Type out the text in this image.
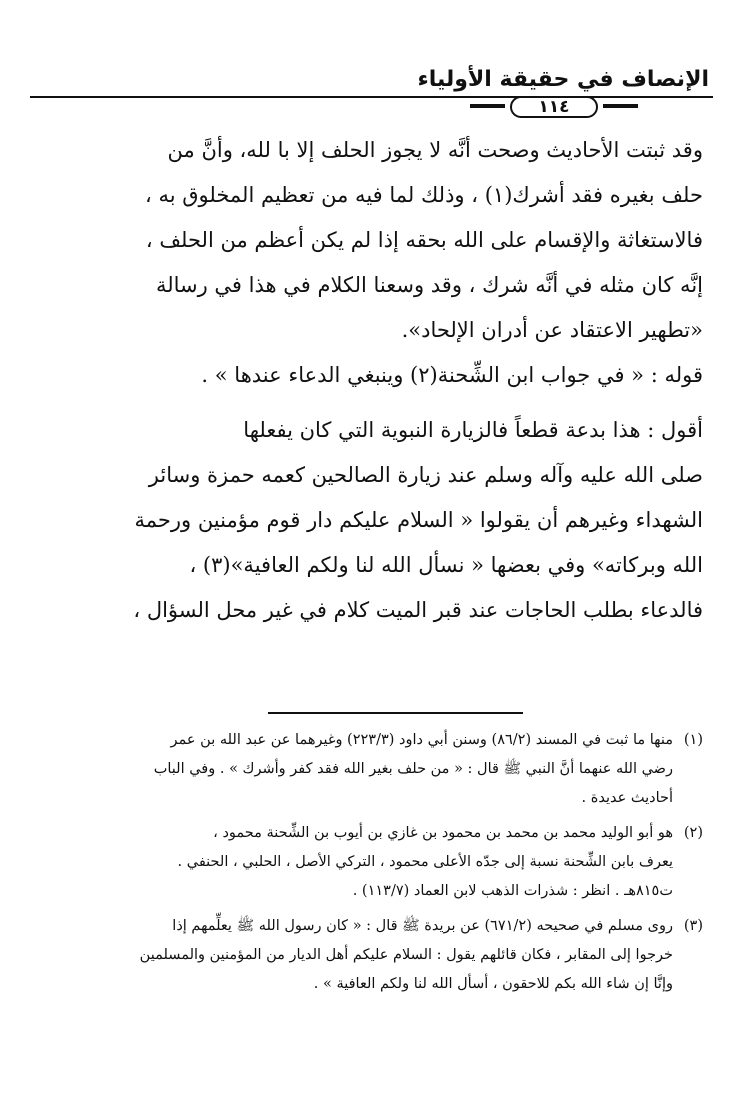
الإنصاف في حقيقة الأولياء
١١٤

وقد ثبتت الأحاديث وصحت أنَّه لا يجوز الحلف إلا با لله، وأنَّ من

حلف بغيره فقد أشرك(١) ، وذلك لما فيه من تعظيم المخلوق به ،

فالاستغاثة والإقسام على الله بحقه إذا لم يكن أعظم من الحلف ،

إنَّه كان مثله في أنَّه شرك ، وقد وسعنا الكلام في هذا في رسالة

«تطهير الاعتقاد عن أدران الإلحاد».

قوله : « في جواب ابن الشِّحنة(٢) وينبغي الدعاء عندها » .

أقول : هذا بدعة قطعاً فالزيارة النبوية التي كان يفعلها

صلى الله عليه وآله وسلم عند زيارة الصالحين كعمه حمزة وسائر

الشهداء وغيرهم أن يقولوا « السلام عليكم دار قوم مؤمنين ورحمة

الله وبركاته» وفي بعضها « نسأل الله لنا ولكم العافية»(٣) ،

فالدعاء بطلب الحاجات عند قبر الميت كلام في غير محل السؤال ،

(١)
منها ما ثبت في المسند (٨٦/٢) وسنن أبي داود (٢٢٣/٣) وغيرهما عن عبد الله بن عمر
رضي الله عنهما أنَّ النبي ﷺ قال : « من حلف بغير الله فقد كفر وأشرك » . وفي الباب
أحاديث عديدة .
(٢)
هو أبو الوليد محمد بن محمد بن محمود بن غازي بن أيوب بن الشِّحنة محمود ،
يعرف بابن الشِّحنة نسبة إلى جدّه الأعلى محمود ، التركي الأصل ، الحلبي ، الحنفي .
ت٨١٥هـ . انظر : شذرات الذهب لابن العماد (١١٣/٧) .
(٣)
روى مسلم في صحيحه (٦٧١/٢) عن بريدة ﷺ قال : « كان رسول الله ﷺ يعلِّمهم إذا
خرجوا إلى المقابر ، فكان قائلهم يقول : السلام عليكم أهل الديار من المؤمنين والمسلمين
وإنَّا إن شاء الله بكم للاحقون ، أسأل الله لنا ولكم العافية » .
